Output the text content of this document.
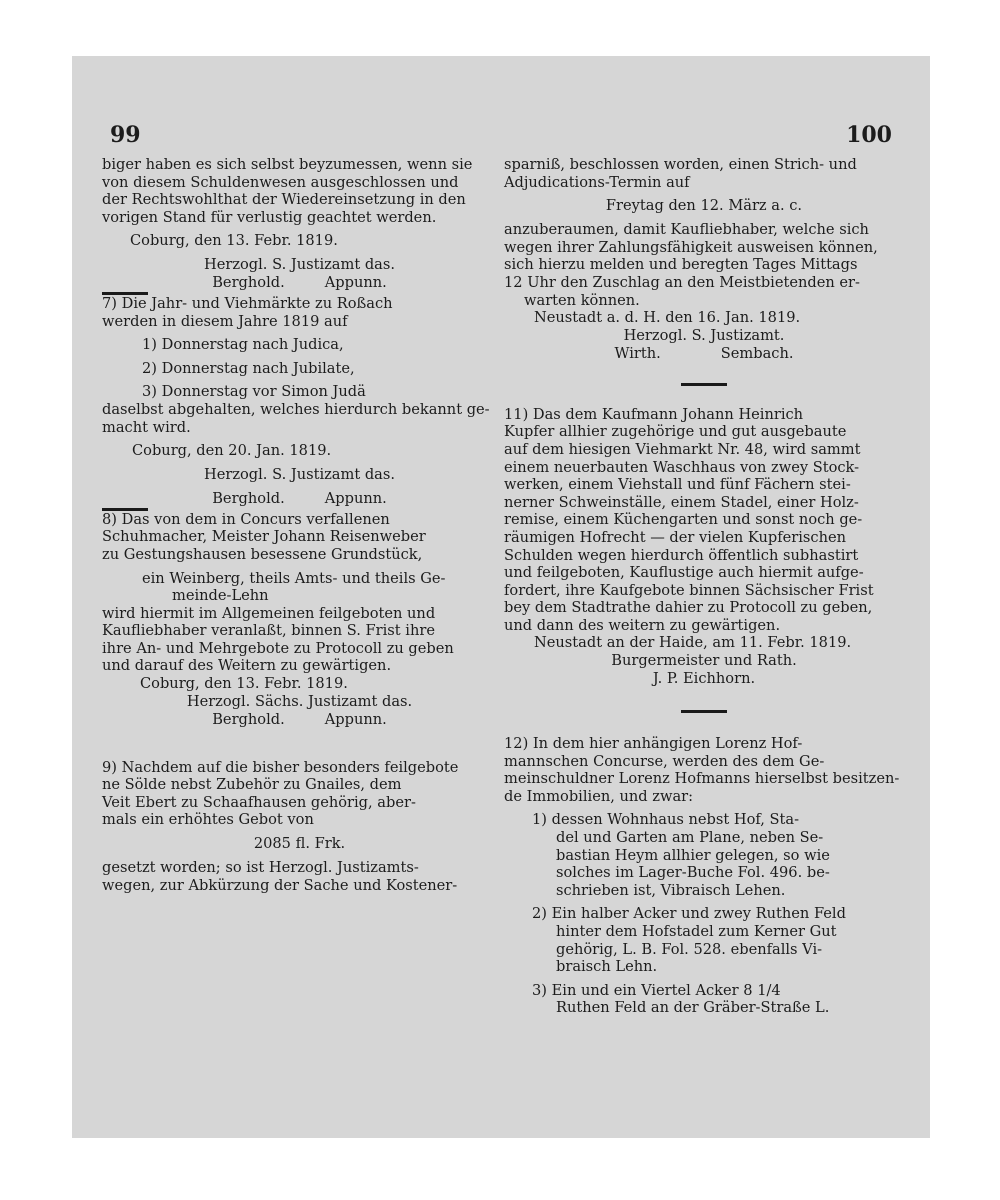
99	100
biger haben es sich selbst beyzumessen, wenn sie
von diesem Schuldenwesen ausgeschlossen und
der Rechtswohlthat der Wiedereinsetzung in den
vorigen Stand für verlustig geachtet werden.
Coburg, den 13. Febr. 1819.
Herzogl. S. Justizamt das.
Berghold.	Appunn.
7) Die Jahr- und Viehmärkte zu Roßach
werden in diesem Jahre 1819 auf
1) Donnerstag nach Judica,
2) Donnerstag nach Jubilate,
3) Donnerstag vor Simon Judä
daselbst abgehalten, welches hierdurch bekannt ge-
macht wird.
Coburg, den 20. Jan. 1819.
Herzogl. S. Justizamt das.
Berghold.	Appunn.
8) Das von dem in Concurs verfallenen
Schuhmacher, Meister Johann Reisenweber
zu Gestungshausen besessene Grundstück,
ein Weinberg, theils Amts- und theils Ge-
meinde-Lehn
wird hiermit im Allgemeinen feilgeboten und
Kaufliebhaber veranlaßt, binnen S. Frist ihre
ihre An- und Mehrgebote zu Protocoll zu geben
und darauf des Weitern zu gewärtigen.
Coburg, den 13. Febr. 1819.
Herzogl. Sächs. Justizamt das.
Berghold.	Appunn.
9) Nachdem auf die bisher besonders feilgebote
ne Sölde nebst Zubehör zu Gnailes, dem
Veit Ebert zu Schaafhausen gehörig, aber-
mals ein erhöhtes Gebot von
2085 fl. Frk.
gesetzt worden; so ist Herzogl. Justizamts-
wegen, zur Abkürzung der Sache und Kostener-
sparniß, beschlossen worden, einen Strich- und
Adjudications-Termin auf
Freytag den 12. März a. c.
anzuberaumen, damit Kaufliebhaber, welche sich
wegen ihrer Zahlungsfähigkeit ausweisen können,
sich hierzu melden und beregten Tages Mittags
12 Uhr den Zuschlag an den Meistbietenden er-
warten können.
Neustadt a. d. H. den 16. Jan. 1819.
Herzogl. S. Justizamt.
Wirth.	Sembach.
11) Das dem Kaufmann Johann Heinrich
Kupfer allhier zugehörige und gut ausgebaute
auf dem hiesigen Viehmarkt Nr. 48, wird sammt
einem neuerbauten Waschhaus von zwey Stock-
werken, einem Viehstall und fünf Fächern stei-
nerner Schweinställe, einem Stadel, einer Holz-
remise, einem Küchengarten und sonst noch ge-
räumigen Hofrecht — der vielen Kupferischen
Schulden wegen hierdurch öffentlich subhastirt
und feilgeboten, Kauflustige auch hiermit aufge-
fordert, ihre Kaufgebote binnen Sächsischer Frist
bey dem Stadtrathe dahier zu Protocoll zu geben,
und dann des weitern zu gewärtigen.
Neustadt an der Haide, am 11. Febr. 1819.
Burgermeister und Rath.
J. P. Eichhorn.
12) In dem hier anhängigen Lorenz Hof-
mannschen Concurse, werden des dem Ge-
meinschuldner Lorenz Hofmanns hierselbst besitzen-
de Immobilien, und zwar:
1) dessen Wohnhaus nebst Hof, Sta-
del und Garten am Plane, neben Se-
bastian Heym allhier gelegen, so wie
solches im Lager-Buche Fol. 496. be-
schrieben ist, Vibraisch Lehen.
2) Ein halber Acker und zwey Ruthen Feld
hinter dem Hofstadel zum Kerner Gut
gehörig, L. B. Fol. 528. ebenfalls Vi-
braisch Lehn.
3) Ein und ein Viertel Acker 8 1/4
Ruthen Feld an der Gräber-Straße L.
